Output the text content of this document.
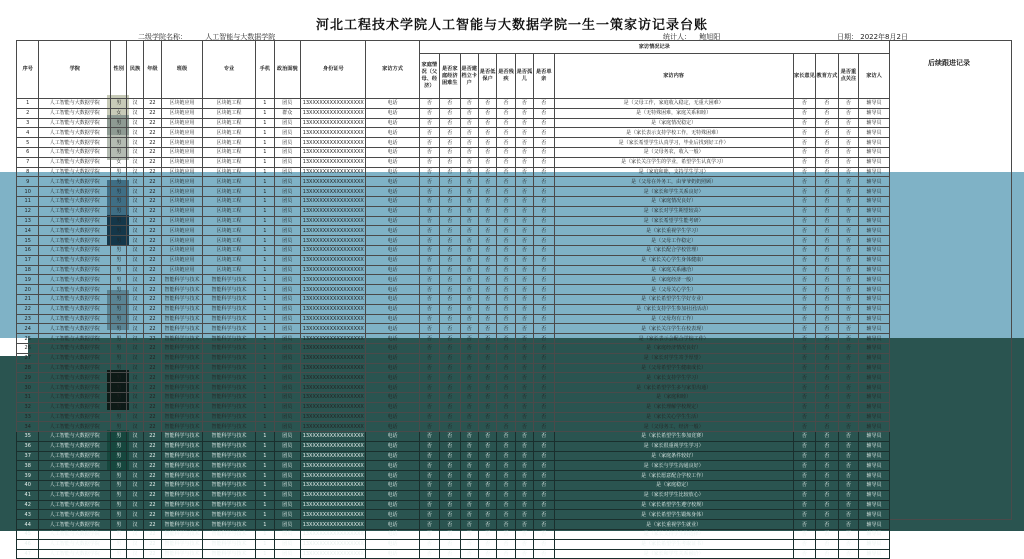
河北工程技术学院人工智能与大数据学院一生一策家访记录台账
二级学院名称：	人工智能与大数据学院	统计人： 鲍旭阳	日期： 2022年8月2日
序号	学院	性别	民族	年级	班级	专业	手机	政治面貌	身份证号	家访方式	家访情况记录											
											家庭情况（父母、经济）	是否家庭经济困难生	是否建档立卡户	是否低保户	是否残疾	是否孤儿	是否单亲	家访内容	家长意见	教育方式	是否重点关注	家访人
1	人工智能与大数据学院	男	汉	22	区块链应用	区块链工程	1	团员	13XXXXXXXXXXXXXXXX	电话	否	否	否	否	否	否	否	是（父母工作，家庭收入稳定，无重大困难）	否	否	否	辅导员
2	人工智能与大数据学院	女	汉	22	区块链应用	区块链工程	1	群众	13XXXXXXXXXXXXXXXX	电话	否	否	否	否	否	否	否	是（无特殊困难，家庭关系和睦）	否	否	否	辅导员
3	人工智能与大数据学院	男	汉	22	区块链应用	区块链工程	1	团员	13XXXXXXXXXXXXXXXX	电话	否	否	否	否	否	否	否	是（家庭情况稳定）	否	否	否	辅导员
4	人工智能与大数据学院	男	汉	22	区块链应用	区块链工程	1	团员	13XXXXXXXXXXXXXXXX	电话	否	否	否	否	否	否	否	是（家长表示支持学校工作，无特殊困难）	否	否	否	辅导员
5	人工智能与大数据学院	男	汉	22	区块链应用	区块链工程	1	团员	13XXXXXXXXXXXXXXXX	电话	否	否	否	否	否	否	否	是（家长希望学生认真学习，毕业后找到好工作）	否	否	否	辅导员
6	人工智能与大数据学院	男	汉	22	区块链应用	区块链工程	1	团员	13XXXXXXXXXXXXXXXX	电话	否	否	否	否	否	否	否	是（父母务农，收入一般）	否	否	否	辅导员
7	人工智能与大数据学院	女	汉	22	区块链应用	区块链工程	1	团员	13XXXXXXXXXXXXXXXX	电话	否	否	否	否	否	否	否	是（家长关注学生的学业，希望学生认真学习）	否	否	否	辅导员
8	人工智能与大数据学院	男	汉	22	区块链应用	区块链工程	1	团员	13XXXXXXXXXXXXXXXX	电话	否	否	否	否	否	否	否	是（家庭和睦，支持学生学习）	否	否	否	辅导员
9	人工智能与大数据学院	男	汉	22	区块链应用	区块链工程	1	团员	13XXXXXXXXXXXXXXXX	电话	否	否	否	否	否	否	否	是（父母在外务工，由爷爷奶奶照顾）	否	否	否	辅导员
10	人工智能与大数据学院	男	汉	22	区块链应用	区块链工程	1	团员	13XXXXXXXXXXXXXXXX	电话	否	否	否	否	否	否	否	是（家长和学生关系良好）	否	否	否	辅导员
11	人工智能与大数据学院	男	汉	22	区块链应用	区块链工程	1	团员	13XXXXXXXXXXXXXXXX	电话	否	否	否	否	否	否	否	是（家庭情况良好）	否	否	否	辅导员
12	人工智能与大数据学院	男	汉	22	区块链应用	区块链工程	1	团员	13XXXXXXXXXXXXXXXX	电话	否	否	否	否	否	否	否	是（家长对学生期望较高）	否	否	否	辅导员
13	人工智能与大数据学院	男	汉	22	区块链应用	区块链工程	1	团员	13XXXXXXXXXXXXXXXX	电话	否	否	否	否	否	否	否	是（家长希望学生能考研）	否	否	否	辅导员
14	人工智能与大数据学院	男	汉	22	区块链应用	区块链工程	1	团员	13XXXXXXXXXXXXXXXX	电话	否	否	否	否	否	否	否	是（家长重视学生学习）	否	否	否	辅导员
15	人工智能与大数据学院	男	汉	22	区块链应用	区块链工程	1	团员	13XXXXXXXXXXXXXXXX	电话	否	否	否	否	否	否	否	是（父母工作稳定）	否	否	否	辅导员
16	人工智能与大数据学院	男	汉	22	区块链应用	区块链工程	1	团员	13XXXXXXXXXXXXXXXX	电话	否	否	否	否	否	否	否	是（家长配合学校管理）	否	否	否	辅导员
17	人工智能与大数据学院	男	汉	22	区块链应用	区块链工程	1	团员	13XXXXXXXXXXXXXXXX	电话	否	否	否	否	否	否	否	是（家长关心学生身体健康）	否	否	否	辅导员
18	人工智能与大数据学院	男	汉	22	区块链应用	区块链工程	1	团员	13XXXXXXXXXXXXXXXX	电话	否	否	否	否	否	否	否	是（家庭关系融洽）	否	否	否	辅导员
19	人工智能与大数据学院	男	汉	22	智能科学与技术	智能科学与技术	1	团员	13XXXXXXXXXXXXXXXX	电话	否	否	否	否	否	否	否	是（家庭经济一般）	否	否	否	辅导员
20	人工智能与大数据学院	男	汉	22	智能科学与技术	智能科学与技术	1	团员	13XXXXXXXXXXXXXXXX	电话	否	否	否	否	否	否	否	是（父母关心学生）	否	否	否	辅导员
21	人工智能与大数据学院	男	汉	22	智能科学与技术	智能科学与技术	1	团员	13XXXXXXXXXXXXXXXX	电话	否	否	否	否	否	否	否	是（家长希望学生学好专业）	否	否	否	辅导员
22	人工智能与大数据学院	男	汉	22	智能科学与技术	智能科学与技术	1	团员	13XXXXXXXXXXXXXXXX	电话	否	否	否	否	否	否	否	是（家长支持学生参加社团活动）	否	否	否	辅导员
23	人工智能与大数据学院	男	汉	22	智能科学与技术	智能科学与技术	1	团员	13XXXXXXXXXXXXXXXX	电话	否	否	否	否	否	否	否	是（父母均有工作）	否	否	否	辅导员
24	人工智能与大数据学院	男	汉	22	智能科学与技术	智能科学与技术	1	团员	13XXXXXXXXXXXXXXXX	电话	否	否	否	否	否	否	否	是（家长关注学生在校表现）	否	否	否	辅导员
25	人工智能与大数据学院	男	汉	22	智能科学与技术	智能科学与技术	1	团员	13XXXXXXXXXXXXXXXX	电话	否	否	否	否	否	否	否	是（家长表示会配合学校工作）	否	否	否	辅导员
26	人工智能与大数据学院	男	汉	22	智能科学与技术	智能科学与技术	1	团员	13XXXXXXXXXXXXXXXX	电话	否	否	否	否	否	否	否	是（家庭经济情况良好）	否	否	否	辅导员
27	人工智能与大数据学院	男	汉	22	智能科学与技术	智能科学与技术	1	团员	13XXXXXXXXXXXXXXXX	电话	否	否	否	否	否	否	否	是（家长对学生寄予厚望）	否	否	否	辅导员
28	人工智能与大数据学院	男	汉	22	智能科学与技术	智能科学与技术	1	团员	13XXXXXXXXXXXXXXXX	电话	否	否	否	否	否	否	否	是（父母希望学生健康成长）	否	否	否	辅导员
29	人工智能与大数据学院	男	汉	22	智能科学与技术	智能科学与技术	1	团员	13XXXXXXXXXXXXXXXX	电话	否	否	否	否	否	否	否	是（家长支持学生学习）	否	否	否	辅导员
30	人工智能与大数据学院	男	汉	22	智能科学与技术	智能科学与技术	1	团员	13XXXXXXXXXXXXXXXX	电话	否	否	否	否	否	否	否	是（家长希望学生多与家里沟通）	否	否	否	辅导员
31	人工智能与大数据学院	男	汉	22	智能科学与技术	智能科学与技术	1	团员	13XXXXXXXXXXXXXXXX	电话	否	否	否	否	否	否	否	是（家庭和睦）	否	否	否	辅导员
32	人工智能与大数据学院	男	汉	22	智能科学与技术	智能科学与技术	1	团员	13XXXXXXXXXXXXXXXX	电话	否	否	否	否	否	否	否	是（家长理解学校规定）	否	否	否	辅导员
33	人工智能与大数据学院	男	汉	22	智能科学与技术	智能科学与技术	1	团员	13XXXXXXXXXXXXXXXX	电话	否	否	否	否	否	否	否	是（家长关心学生生活）	否	否	否	辅导员
34	人工智能与大数据学院	男	汉	22	智能科学与技术	智能科学与技术	1	团员	13XXXXXXXXXXXXXXXX	电话	否	否	否	否	否	否	否	是（父母务工，经济一般）	否	否	否	辅导员
35	人工智能与大数据学院	男	汉	22	智能科学与技术	智能科学与技术	1	团员	13XXXXXXXXXXXXXXXX	电话	否	否	否	否	否	否	否	是（家长希望学生参加竞赛）	否	否	否	辅导员
36	人工智能与大数据学院	男	汉	22	智能科学与技术	智能科学与技术	1	团员	13XXXXXXXXXXXXXXXX	电话	否	否	否	否	否	否	否	是（家长很重视学生学习）	否	否	否	辅导员
37	人工智能与大数据学院	男	汉	22	智能科学与技术	智能科学与技术	1	团员	13XXXXXXXXXXXXXXXX	电话	否	否	否	否	否	否	否	是（家庭条件较好）	否	否	否	辅导员
38	人工智能与大数据学院	男	汉	22	智能科学与技术	智能科学与技术	1	团员	13XXXXXXXXXXXXXXXX	电话	否	否	否	否	否	否	否	是（家长与学生沟通良好）	否	否	否	辅导员
39	人工智能与大数据学院	男	汉	22	智能科学与技术	智能科学与技术	1	团员	13XXXXXXXXXXXXXXXX	电话	否	否	否	否	否	否	否	是（家长愿意配合学校工作）	否	否	否	辅导员
40	人工智能与大数据学院	男	汉	22	智能科学与技术	智能科学与技术	1	团员	13XXXXXXXXXXXXXXXX	电话	否	否	否	否	否	否	否	是（家庭稳定）	否	否	否	辅导员
41	人工智能与大数据学院	男	汉	22	智能科学与技术	智能科学与技术	1	团员	13XXXXXXXXXXXXXXXX	电话	否	否	否	否	否	否	否	是（家长对学生比较放心）	否	否	否	辅导员
42	人工智能与大数据学院	男	汉	22	智能科学与技术	智能科学与技术	1	团员	13XXXXXXXXXXXXXXXX	电话	否	否	否	否	否	否	否	是（家长希望学生遵守校规）	否	否	否	辅导员
43	人工智能与大数据学院	男	汉	22	智能科学与技术	智能科学与技术	1	团员	13XXXXXXXXXXXXXXXX	电话	否	否	否	否	否	否	否	是（家长希望学生锻炼身体）	否	否	否	辅导员
44	人工智能与大数据学院	男	汉	22	智能科学与技术	智能科学与技术	1	团员	13XXXXXXXXXXXXXXXX	电话	否	否	否	否	否	否	否	是（家长重视学生就业）	否	否	否	辅导员
45	人工智能与大数据学院	男	汉	22	智能科学与技术	智能科学与技术	1	团员	13XXXXXXXXXXXXXXXX	电话	否	否	否	否	否	否	否	是（家长支持学生的选择）	否	否	否	辅导员
46	人工智能与大数据学院	男	汉	22	智能科学与技术	智能科学与技术	1	团员	13XXXXXXXXXXXXXXXX	电话	否	否	否	否	否	否	否	是（家长希望学生考取证书）	否	否	否	辅导员
47	人工智能与大数据学院	男	汉	22	智能科学与技术	智能科学与技术	1	团员	13XXXXXXXXXXXXXXXX	电话	否	否	否	否	否	否	否	是（家长和学生关系融洽）	否	否	否	辅导员
后续跟进记录
